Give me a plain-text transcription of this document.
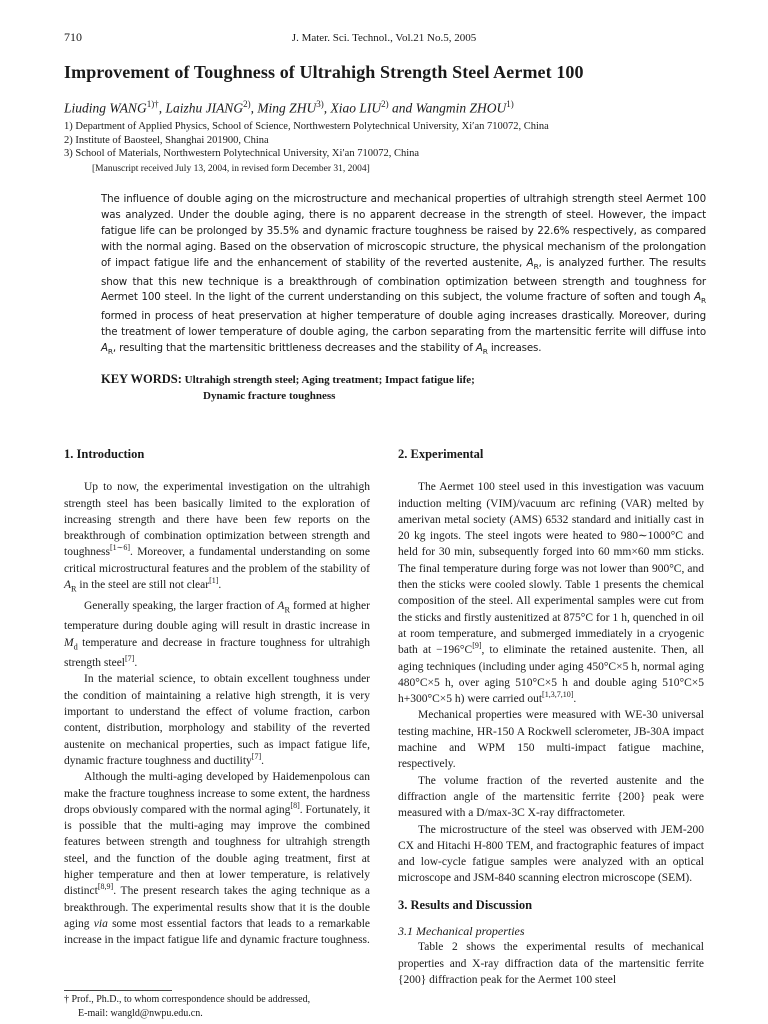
710	J. Mater. Sci. Technol., Vol.21 No.5, 2005
Improvement of Toughness of Ultrahigh Strength Steel Aermet 100
Liuding $WANG^{1)\dagger}$, Laizhu JIANG$^{2)}$, Ming ZHU$^{3)}$, Xiao LIU$^{2)}$ and Wangmin ZHOU$^{1)}$
1) Department of Applied Physics, School of Science, Northwestern Polytechnical University, Xi′an 710072, China
2) Institute of Baosteel, Shanghai 201900, China
3) School of Materials, Northwestern Polytechnical University, Xi′an 710072, China
[Manuscript received July 13, 2004, in revised form December 31, 2004]
The influence of double aging on the microstructure and mechanical properties of ultrahigh strength steel Aermet 100 was analyzed. Under the double aging, there is no apparent decrease in the strength of steel. However, the impact fatigue life can be prolonged by 35.5% and dynamic fracture toughness be raised by 22.6% respectively, as compared with the normal aging. Based on the observation of microscopic structure, the physical mechanism of the prolongation of impact fatigue life and the enhancement of stability of the reverted austenite, $A_R$, is analyzed further. The results show that this new technique is a breakthrough of combination optimization between strength and toughness for Aermet 100 steel. In the light of the current understanding on this subject, the volume fracture of soften and tough $A_R$ formed in process of heat preservation at higher temperature of double aging increases drastically. Moreover, during the treatment of lower temperature of double aging, the carbon separating from the martensitic ferrite will diffuse into $A_R$, resulting that the martensitic brittleness decreases and the stability of $A_R$ increases.
KEY WORDS: Ultrahigh strength steel; Aging treatment; Impact fatigue life;
Dynamic fracture toughness
1. Introduction

Up to now, the experimental investigation on the ultrahigh strength steel has been basically limited to the exploration of increasing strength and there have been few reports on the breakthrough of combination optimization between strength and toughness[1∼6]. Moreover, a fundamental understanding on some critical microstructural features and the problem of the stability of $A_R$ in the steel are still not clear[1].

Generally speaking, the larger fraction of $A_R$ formed at higher temperature during double aging will result in drastic increase in $M_d$ temperature and decrease in fracture toughness for ultrahigh strength steel[7].

In the material science, to obtain excellent toughness under the condition of maintaining a relative high strength, it is very important to understand the effect of volume fraction, carbon content, distribution, morphology and stability of the reverted austenite on mechanical properties, such as impact fatigue life, dynamic fracture toughness and ductility[7].

Although the multi-aging developed by Haidemenpolous can make the fracture toughness increase to some extent, the hardness drops obviously compared with the normal aging[8]. Fortunately, it is possible that the multi-aging may improve the combined features between strength and toughness for ultrahigh strength steel, and the function of the double aging treatment, first at higher temperature and then at lower temperature, is relatively distinct[8,9]. The present research takes the aging technique as a breakthrough. The experimental results show that it is the double aging via some most essential factors that leads to a remarkable increase in the impact fatigue life and dynamic fracture toughness.

2. Experimental

The Aermet 100 steel used in this investigation was vacuum induction melting (VIM)/vacuum arc refining (VAR) melted by amerivan metal society (AMS) 6532 standard and initially cast in 20 kg ingots. The steel ingots were heated to 980∼1000°C and held for 30 min, subsequently forged into 60 mm×60 mm sticks. The final temperature during forge was not lower than 900°C, and then the sticks were cooled slowly. Table 1 presents the chemical composition of the steel. All experimental samples were cut from the sticks and firstly austenitized at 875°C for 1 h, quenched in oil at room temperature, and submerged immediately in a cryogenic bath at −196°C[9], to eliminate the retained austenite. Then, all aging techniques (including under aging 450°C×5 h, normal aging 480°C×5 h, over aging 510°C×5 h and double aging 510°C×5 h+300°C×5 h) were carried out[1,3,7,10].

Mechanical properties were measured with WE-30 universal testing machine, HR-150 A Rockwell sclerometer, JB-30A impact machine and WPM 150 multi-impact fatigue machine, respectively.

The volume fraction of the reverted austenite and the diffraction angle of the martensitic ferrite {200} peak were measured with a D/max-3C X-ray diffractometer.

The microstructure of the steel was observed with JEM-200 CX and Hitachi H-800 TEM, and fractographic features of impact and low-cycle fatigue samples were analyzed with an optical microscope and JSM-840 scanning electron microscope (SEM).

3. Results and Discussion
3.1 Mechanical properties

Table 2 shows the experimental results of mechanical properties and X-ray diffraction data of the martensitic ferrite {200} diffraction peak for the Aermet 100 steel

† Prof., Ph.D., to whom correspondence should be addressed,
E-mail: wangld@nwpu.edu.cn.
